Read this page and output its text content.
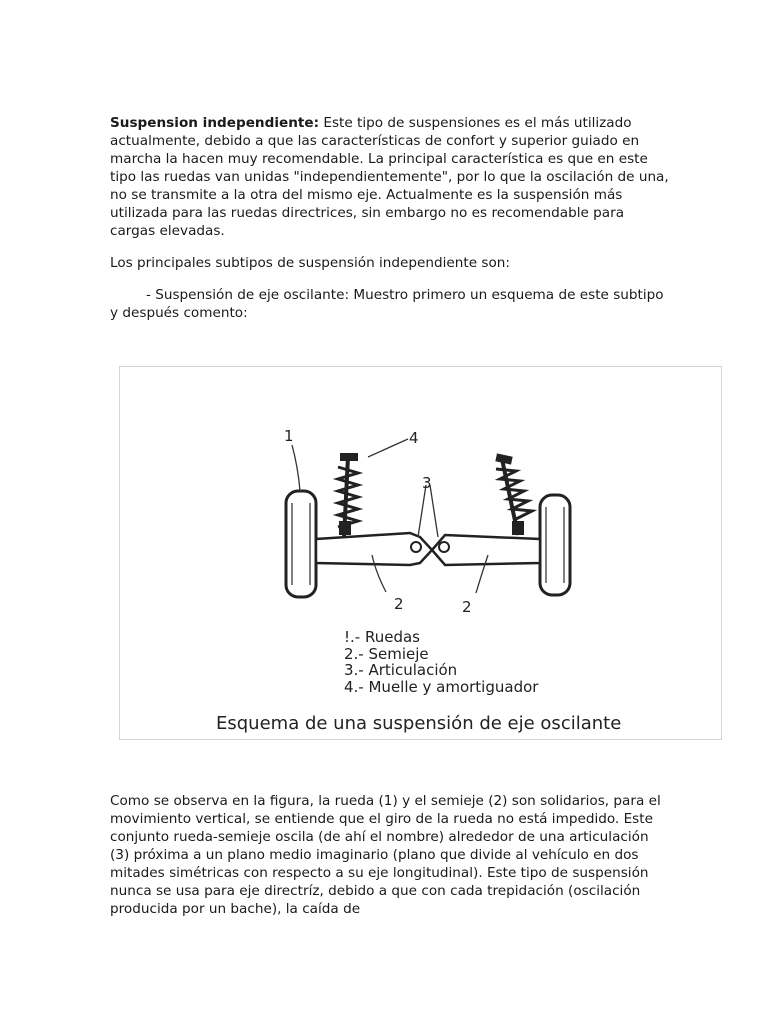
Suspension independiente: Este tipo de suspensiones es el más utilizado actualmente, debido a que las características de confort y superior guiado en marcha la hacen muy recomendable. La principal característica es que en este tipo las ruedas van unidas "independientemente", por lo que la oscilación de una, no se transmite a la otra del mismo eje. Actualmente es la suspensión más utilizada para las ruedas directrices, sin embargo no es recomendable para cargas elevadas.

Los principales subtipos de suspensión independiente son:

- Suspensión de eje oscilante: Muestro primero un esquema de este subtipo y después comento:

1	4
3
2	2
!.- Ruedas
2.- Semieje
3.- Articulación
4.- Muelle y amortiguador
Esquema de una suspensión de eje oscilante

Como se observa en la figura, la rueda (1) y el semieje (2) son solidarios, para el movimiento vertical, se entiende que el giro de la rueda no está impedido. Este conjunto rueda-semieje oscila (de ahí el nombre) alrededor de una articulación (3) próxima a un plano medio imaginario (plano que divide al vehículo en dos mitades simétricas con respecto a su eje longitudinal). Este tipo de suspensión nunca se usa para eje directríz, debido a que con cada trepidación (oscilación producida por un bache), la caída de
